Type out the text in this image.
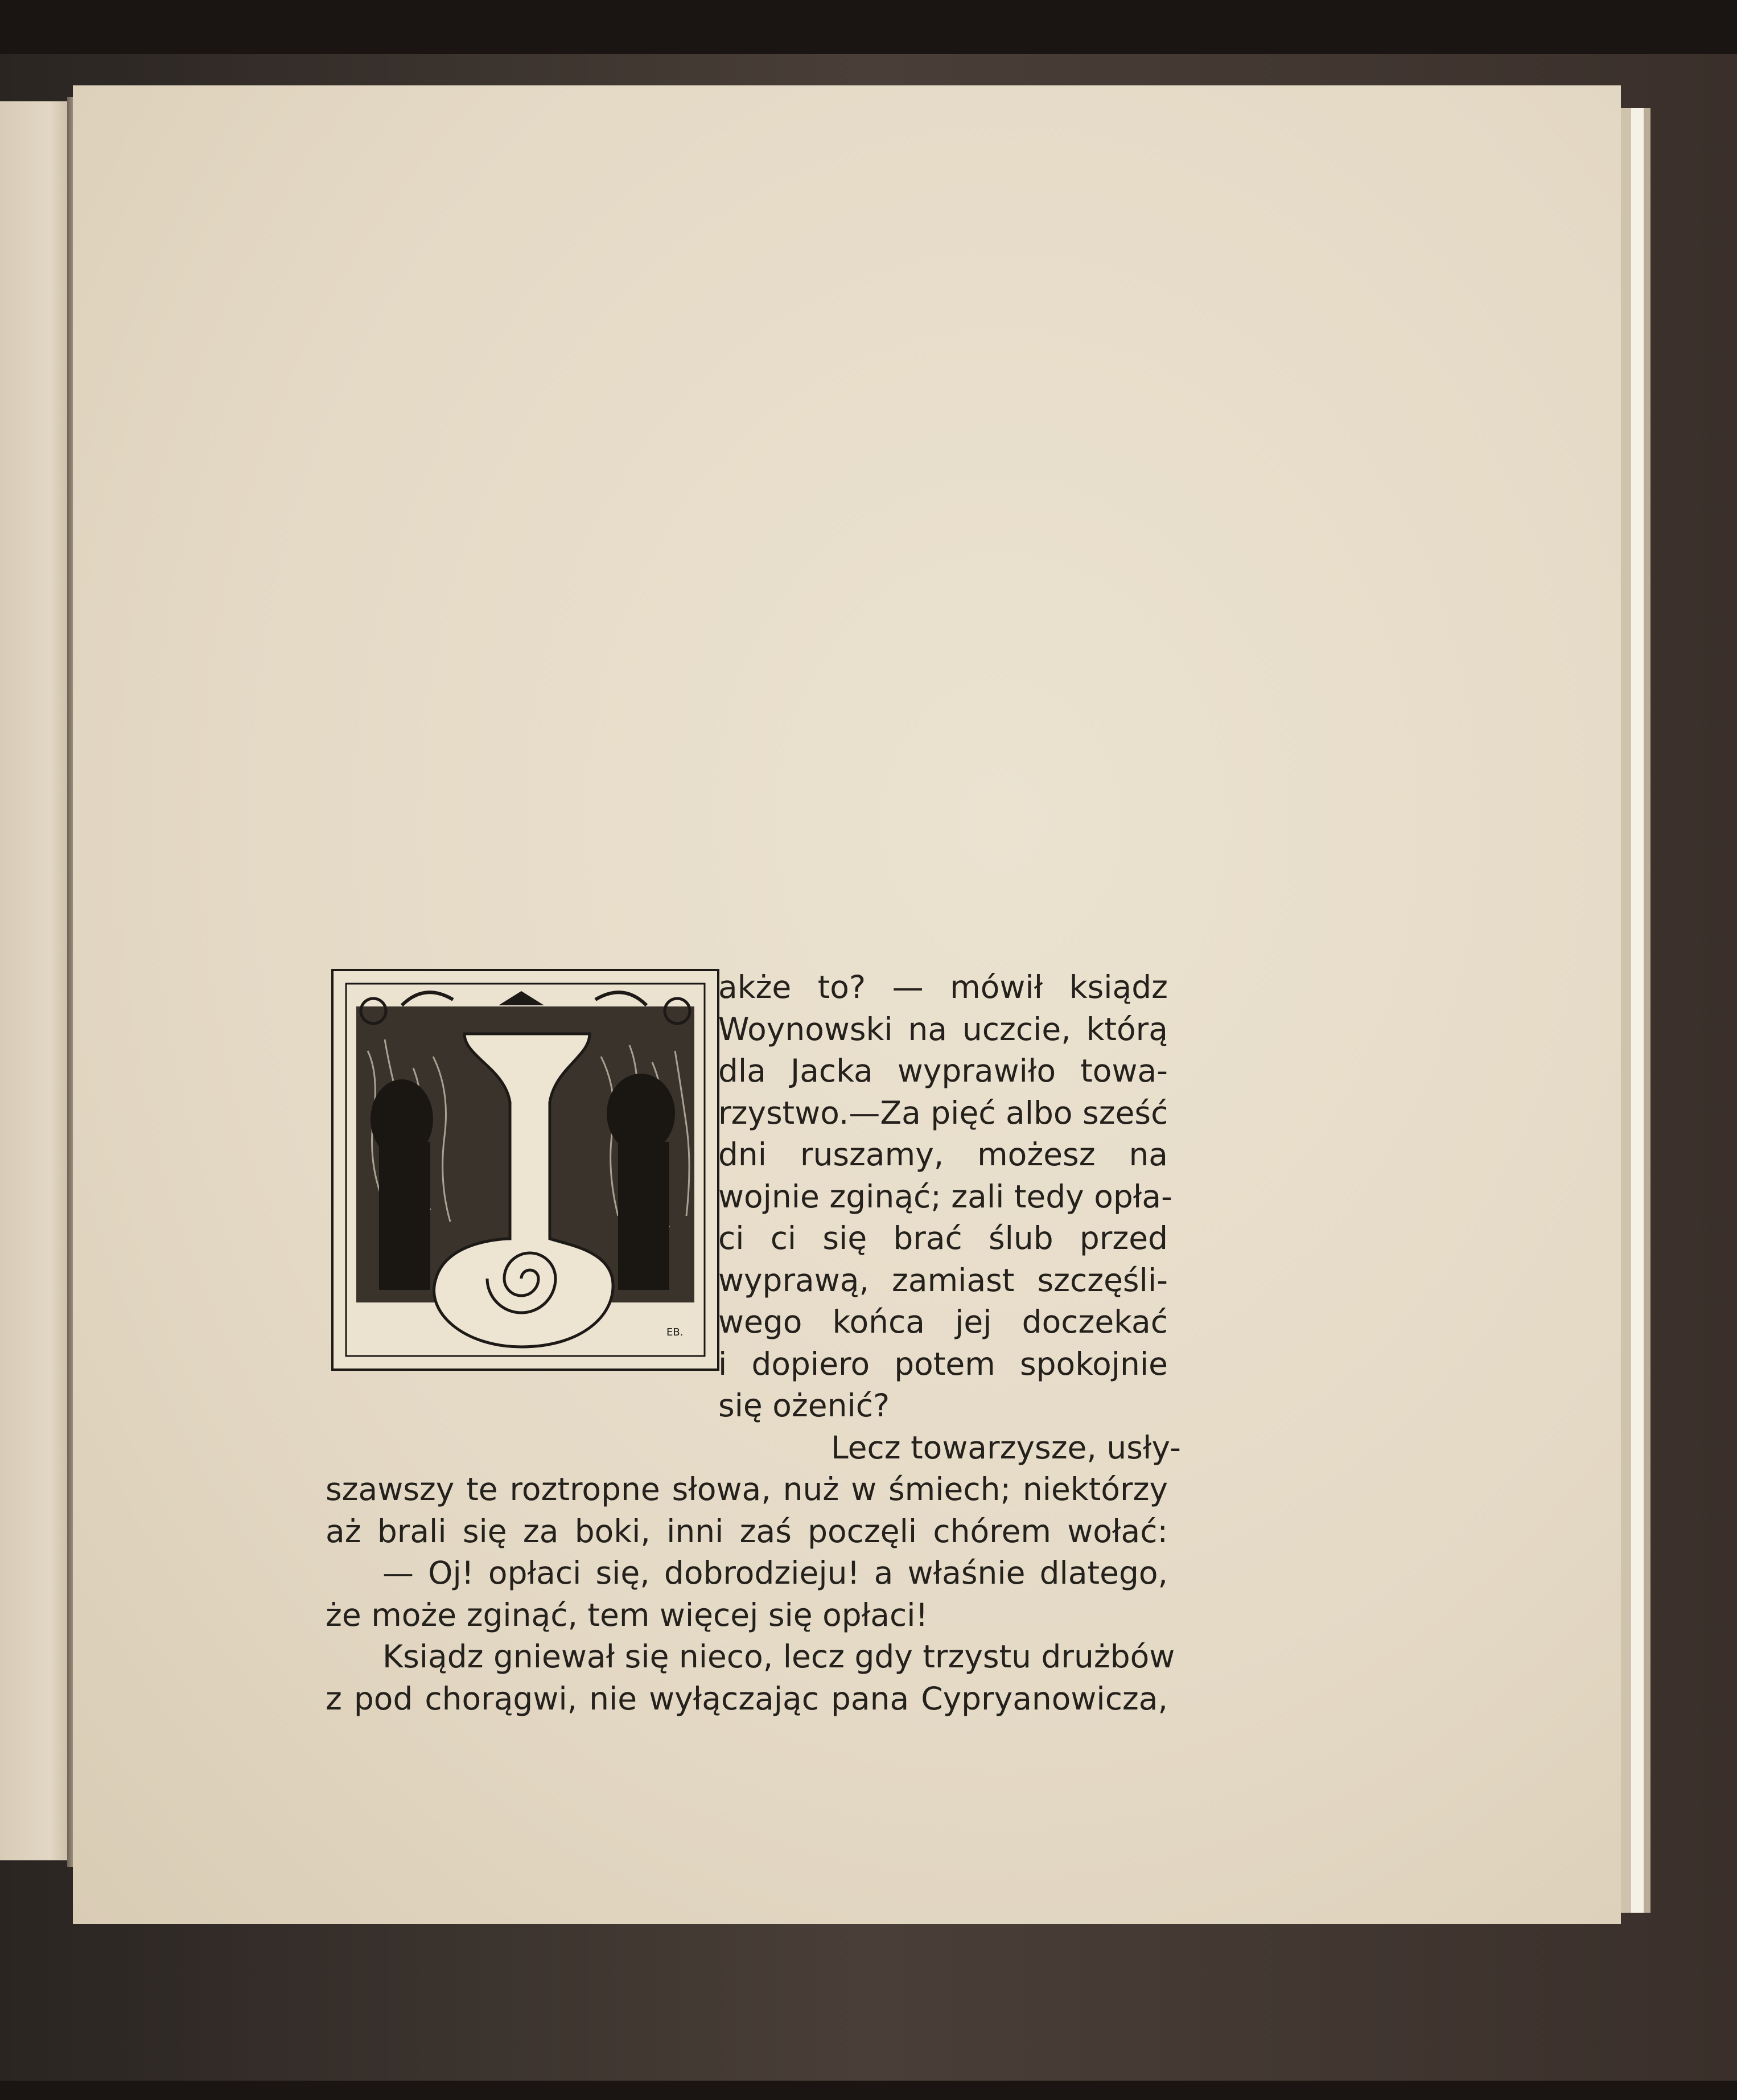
EB.
akże to? — mówił ksiądz
Woynowski na uczcie, którą
dla Jacka wyprawiło towa-
rzystwo.—Za pięć albo sześć
dni ruszamy, możesz na
wojnie zginąć; zali tedy opła-
ci ci się brać ślub przed
wyprawą, zamiast szczęśli-
wego końca jej doczekać
i dopiero potem spokojnie
się ożenić?
Lecz towarzysze, usły-
szawszy te roztropne słowa, nuż w śmiech; niektórzy
aż brali się za boki, inni zaś poczęli chórem wołać:
— Oj! opłaci się, dobrodzieju! a właśnie dlatego,
że może zginąć, tem więcej się opłaci!
Ksiądz gniewał się nieco, lecz gdy trzystu drużbów
z pod chorągwi, nie wyłączając pana Cypryanowicza,
